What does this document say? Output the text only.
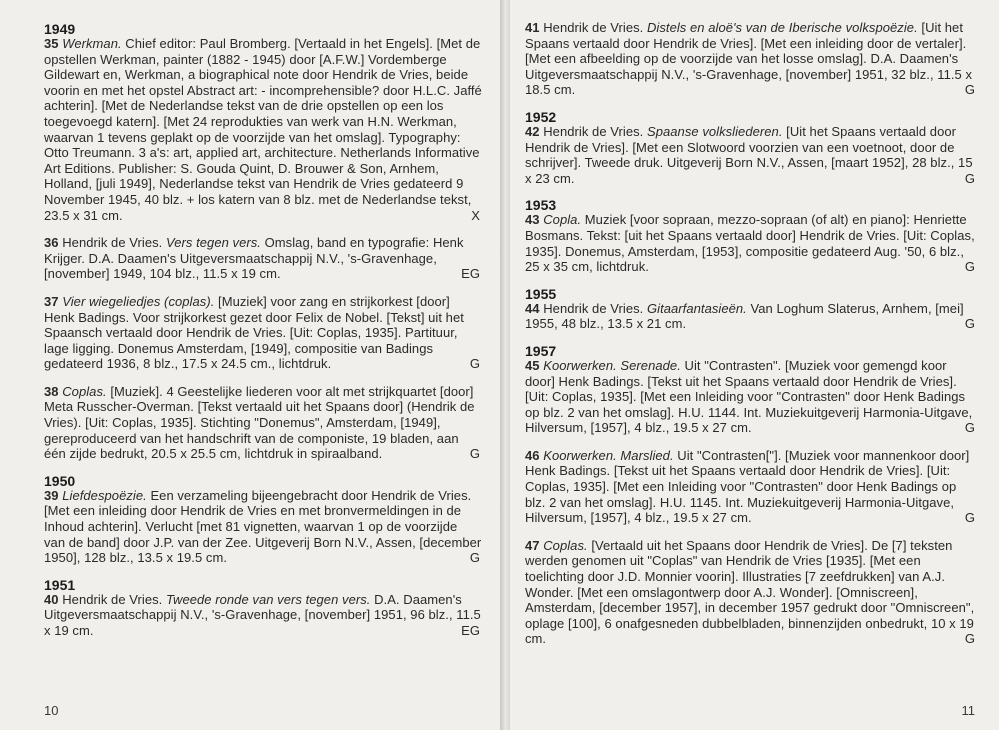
1949

35 Werkman. Chief editor: Paul Bromberg. [Vertaald in het Engels]. [Met de opstellen Werkman, painter (1882 - 1945) door [A.F.W.] Vordemberge Gildewart en, Werkman, a biographical note door Hendrik de Vries, beide voorin en met het opstel Abstract art: - incomprehensible? door H.L.C. Jaffé achterin]. [Met de Nederlandse tekst van de drie opstellen op een los toegevoegd katern]. [Met 24 reprodukties van werk van H.N. Werkman, waarvan 1 tevens geplakt op de voorzijde van het omslag]. Typography: Otto Treumann. 3 a's: art, applied art, architecture. Netherlands Informative Art Editions. Publisher: S. Gouda Quint, D. Brouwer & Son, Arnhem, Holland, [juli 1949], Nederlandse tekst van Hendrik de Vries gedateerd 9 November 1945, 40 blz. + los katern van 8 blz. met de Nederlandse tekst, 23.5 x 31 cm.	X

36 Hendrik de Vries. Vers tegen vers. Omslag, band en typografie: Henk Krijger. D.A. Daamen's Uitgeversmaatschappij N.V., 's-Gravenhage, [november] 1949, 104 blz., 11.5 x 19 cm.	EG

37 Vier wiegeliedjes (coplas). [Muziek] voor zang en strijkorkest [door] Henk Badings. Voor strijkorkest gezet door Felix de Nobel. [Tekst] uit het Spaansch vertaald door Hendrik de Vries. [Uit: Coplas, 1935]. Partituur, lage ligging. Donemus Amsterdam, [1949], compositie van Badings gedateerd 1936, 8 blz., 17.5 x 24.5 cm., lichtdruk.	G

38 Coplas. [Muziek]. 4 Geestelijke liederen voor alt met strijkquartet [door] Meta Russcher-Overman. [Tekst vertaald uit het Spaans door] (Hendrik de Vries). [Uit: Coplas, 1935]. Stichting "Donemus", Amsterdam, [1949], gereproduceerd van het handschrift van de componiste, 19 bladen, aan één zijde bedrukt, 20.5 x 25.5 cm, lichtdruk in spiraalband.	G

1950

39 Liefdespoëzie. Een verzameling bijeengebracht door Hendrik de Vries. [Met een inleiding door Hendrik de Vries en met bronvermeldingen in de Inhoud achterin]. Verlucht [met 81 vignetten, waarvan 1 op de voorzijde van de band] door J.P. van der Zee. Uitgeverij Born N.V., Assen, [december 1950], 128 blz., 13.5 x 19.5 cm.	G

1951

40 Hendrik de Vries. Tweede ronde van vers tegen vers. D.A. Daamen's Uitgeversmaatschappij N.V., 's-Gravenhage, [november] 1951, 96 blz., 11.5 x 19 cm.	EG

10

41 Hendrik de Vries. Distels en aloë's van de Iberische volkspoëzie. [Uit het Spaans vertaald door Hendrik de Vries]. [Met een inleiding door de vertaler]. [Met een afbeelding op de voorzijde van het losse omslag]. D.A. Daamen's Uitgeversmaatschappij N.V., 's-Gravenhage, [november] 1951, 32 blz., 11.5 x 18.5 cm.	G

1952

42 Hendrik de Vries. Spaanse volksliederen. [Uit het Spaans vertaald door Hendrik de Vries]. [Met een Slotwoord voorzien van een voetnoot, door de schrijver]. Tweede druk. Uitgeverij Born N.V., Assen, [maart 1952], 28 blz., 15 x 23 cm.	G

1953

43 Copla. Muziek [voor sopraan, mezzo-sopraan (of alt) en piano]: Henriette Bosmans. Tekst: [uit het Spaans vertaald door] Hendrik de Vries. [Uit: Coplas, 1935]. Donemus, Amsterdam, [1953], compositie gedateerd Aug. '50, 6 blz., 25 x 35 cm, lichtdruk.	G

1955

44 Hendrik de Vries. Gitaarfantasieën. Van Loghum Slaterus, Arnhem, [mei] 1955, 48 blz., 13.5 x 21 cm.	G

1957

45 Koorwerken. Serenade. Uit "Contrasten". [Muziek voor gemengd koor door] Henk Badings. [Tekst uit het Spaans vertaald door Hendrik de Vries]. [Uit: Coplas, 1935]. [Met een Inleiding voor "Contrasten" door Henk Badings op blz. 2 van het omslag]. H.U. 1144. Int. Muziekuitgeverij Harmonia-Uitgave, Hilversum, [1957], 4 blz., 19.5 x 27 cm.	G

46 Koorwerken. Marslied. Uit "Contrasten["]. [Muziek voor mannenkoor door] Henk Badings. [Tekst uit het Spaans vertaald door Hendrik de Vries]. [Uit: Coplas, 1935]. [Met een Inleiding voor "Contrasten" door Henk Badings op blz. 2 van het omslag]. H.U. 1145. Int. Muziekuitgeverij Harmonia-Uitgave, Hilversum, [1957], 4 blz., 19.5 x 27 cm.	G

47 Coplas. [Vertaald uit het Spaans door Hendrik de Vries]. De [7] teksten werden genomen uit "Coplas" van Hendrik de Vries [1935]. [Met een toelichting door J.D. Monnier voorin]. Illustraties [7 zeefdrukken] van A.J. Wonder. [Met een omslagontwerp door A.J. Wonder]. [Omniscreen], Amsterdam, [december 1957], in december 1957 gedrukt door "Omniscreen", oplage [100], 6 onafgesneden dubbelbladen, binnenzijden onbedrukt, 10 x 19 cm.	G

11
